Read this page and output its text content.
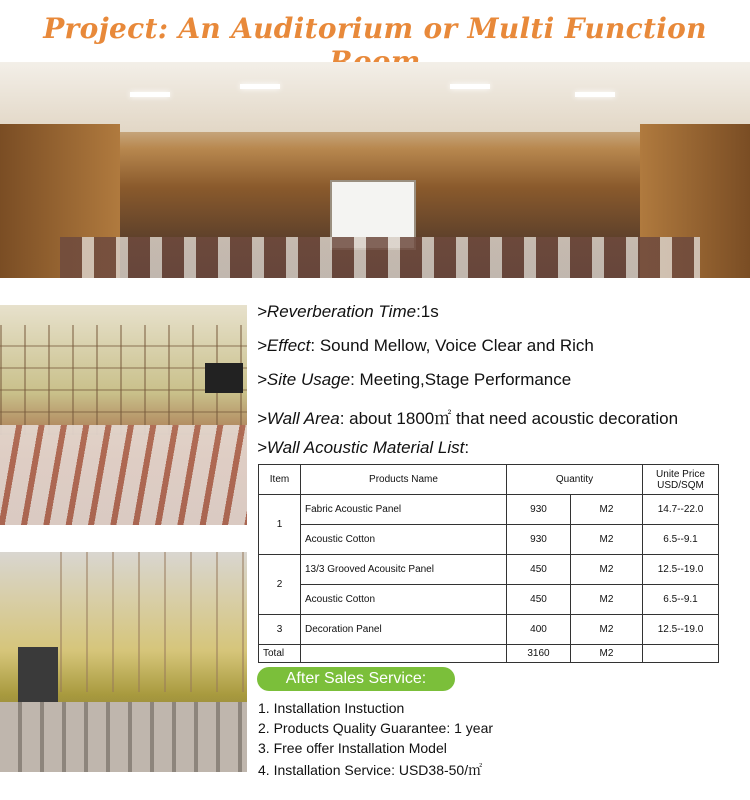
Project: An Auditorium or Multi Function
>Reverberation Time:1s
>Effect: Sound Mellow, Voice Clear and Rich
>Site Usage: Meeting,Stage Performance
>Wall Area: about 1800㎡ that need acoustic decoration
>Wall Acoustic Material List:
Item	Products Name	Quantity		Unite Price USD/SQM
1	Fabric Acoustic Panel	930	M2	14.7--22.0
	Acoustic Cotton	930	M2	6.5--9.1
2	13/3 Grooved Acousitc Panel	450	M2	12.5--19.0
	Acoustic Cotton	450	M2	6.5--9.1
3	Decoration Panel	400	M2	12.5--19.0
Total		3160	M2	
After Sales Service:
1. Installation Instuction
2. Products Quality Guarantee: 1 year
3. Free offer Installation Model
4. Installation Service: USD38-50/㎡
